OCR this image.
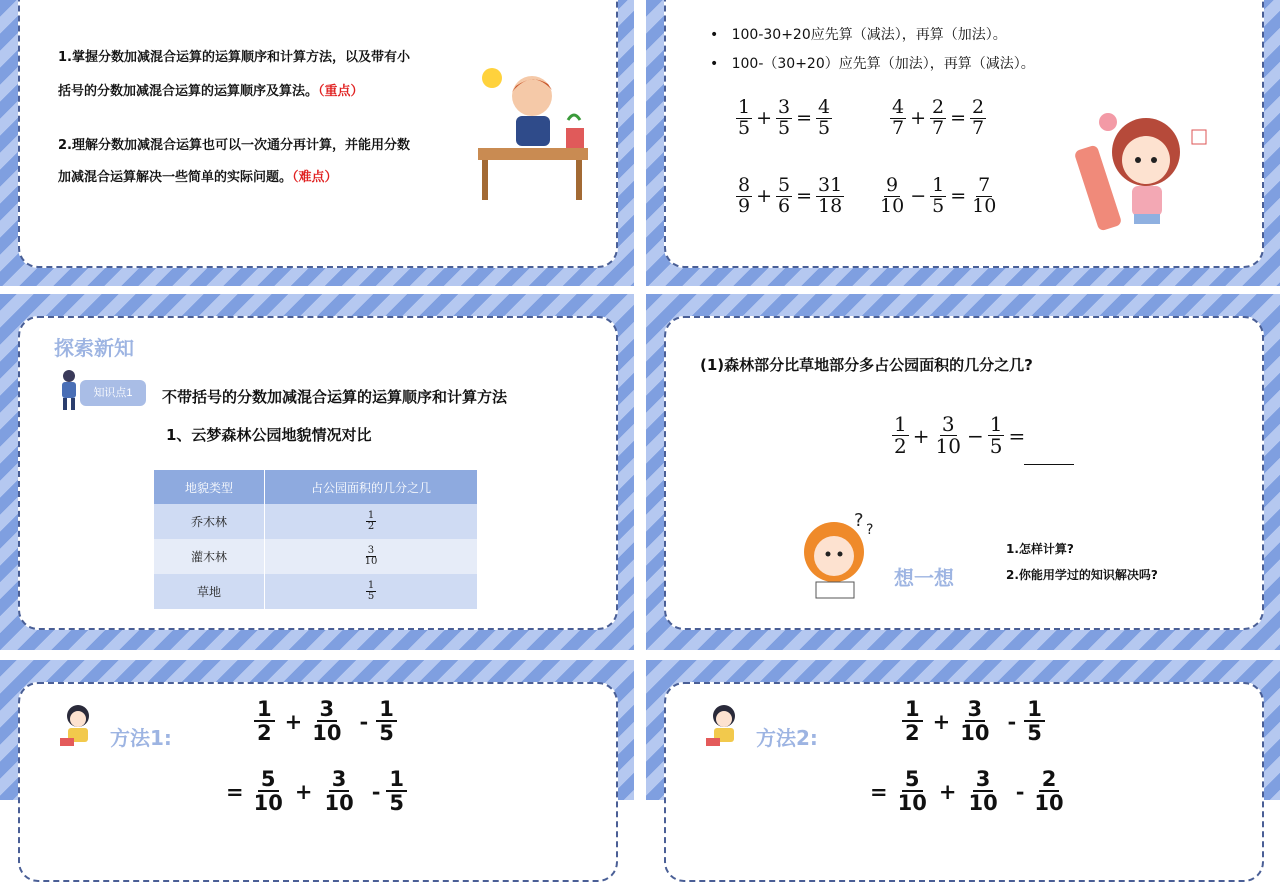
1.掌握分数加减混合运算的运算顺序和计算方法，以及带有小
括号的分数加减混合运算的运算顺序及算法。（重点）
2.理解分数加减混合运算也可以一次通分再计算，并能用分数
加减混合运算解决一些简单的实际问题。（难点）
•   100-30+20应先算（减法），再算（加法）。
•   100-（30+20）应先算（加法），再算（减法）。
$\frac{1}{5} + \frac{3}{5} = \frac{4}{5}$	$\frac{4}{7} + \frac{2}{7} = \frac{2}{7}$
$\frac{8}{9} + \frac{5}{6} = \frac{31}{18} \frac{9}{10} - \frac{1}{5} = \frac{7}{10}$
探索新知
知识点1	不带括号的分数加减混合运算的运算顺序和计算方法
1、云梦森林公园地貌情况对比
地貌类型	占公园面积的几分之几
乔木林	$\frac{1}{2}$

灌木林	$\frac{3}{10}$

草地	$\frac{1}{5}$
(1)森林部分比草地部分多占公园面积的几分之几?
$\frac{1}{2} + \frac{3}{10} - \frac{1}{5}$ =
? ?
想一想
1.怎样计算?
2.你能用学过的知识解决吗?
方法1:
1
$2 + \frac{3}{10} - 1$
5
= $\frac{5}{10} + \frac{3}{10} - 1$
5
方法2:
1
$2 + \frac{3}{10} - 1$
5
= $\frac{5}{10} + \frac{3}{10} - 2$
10
